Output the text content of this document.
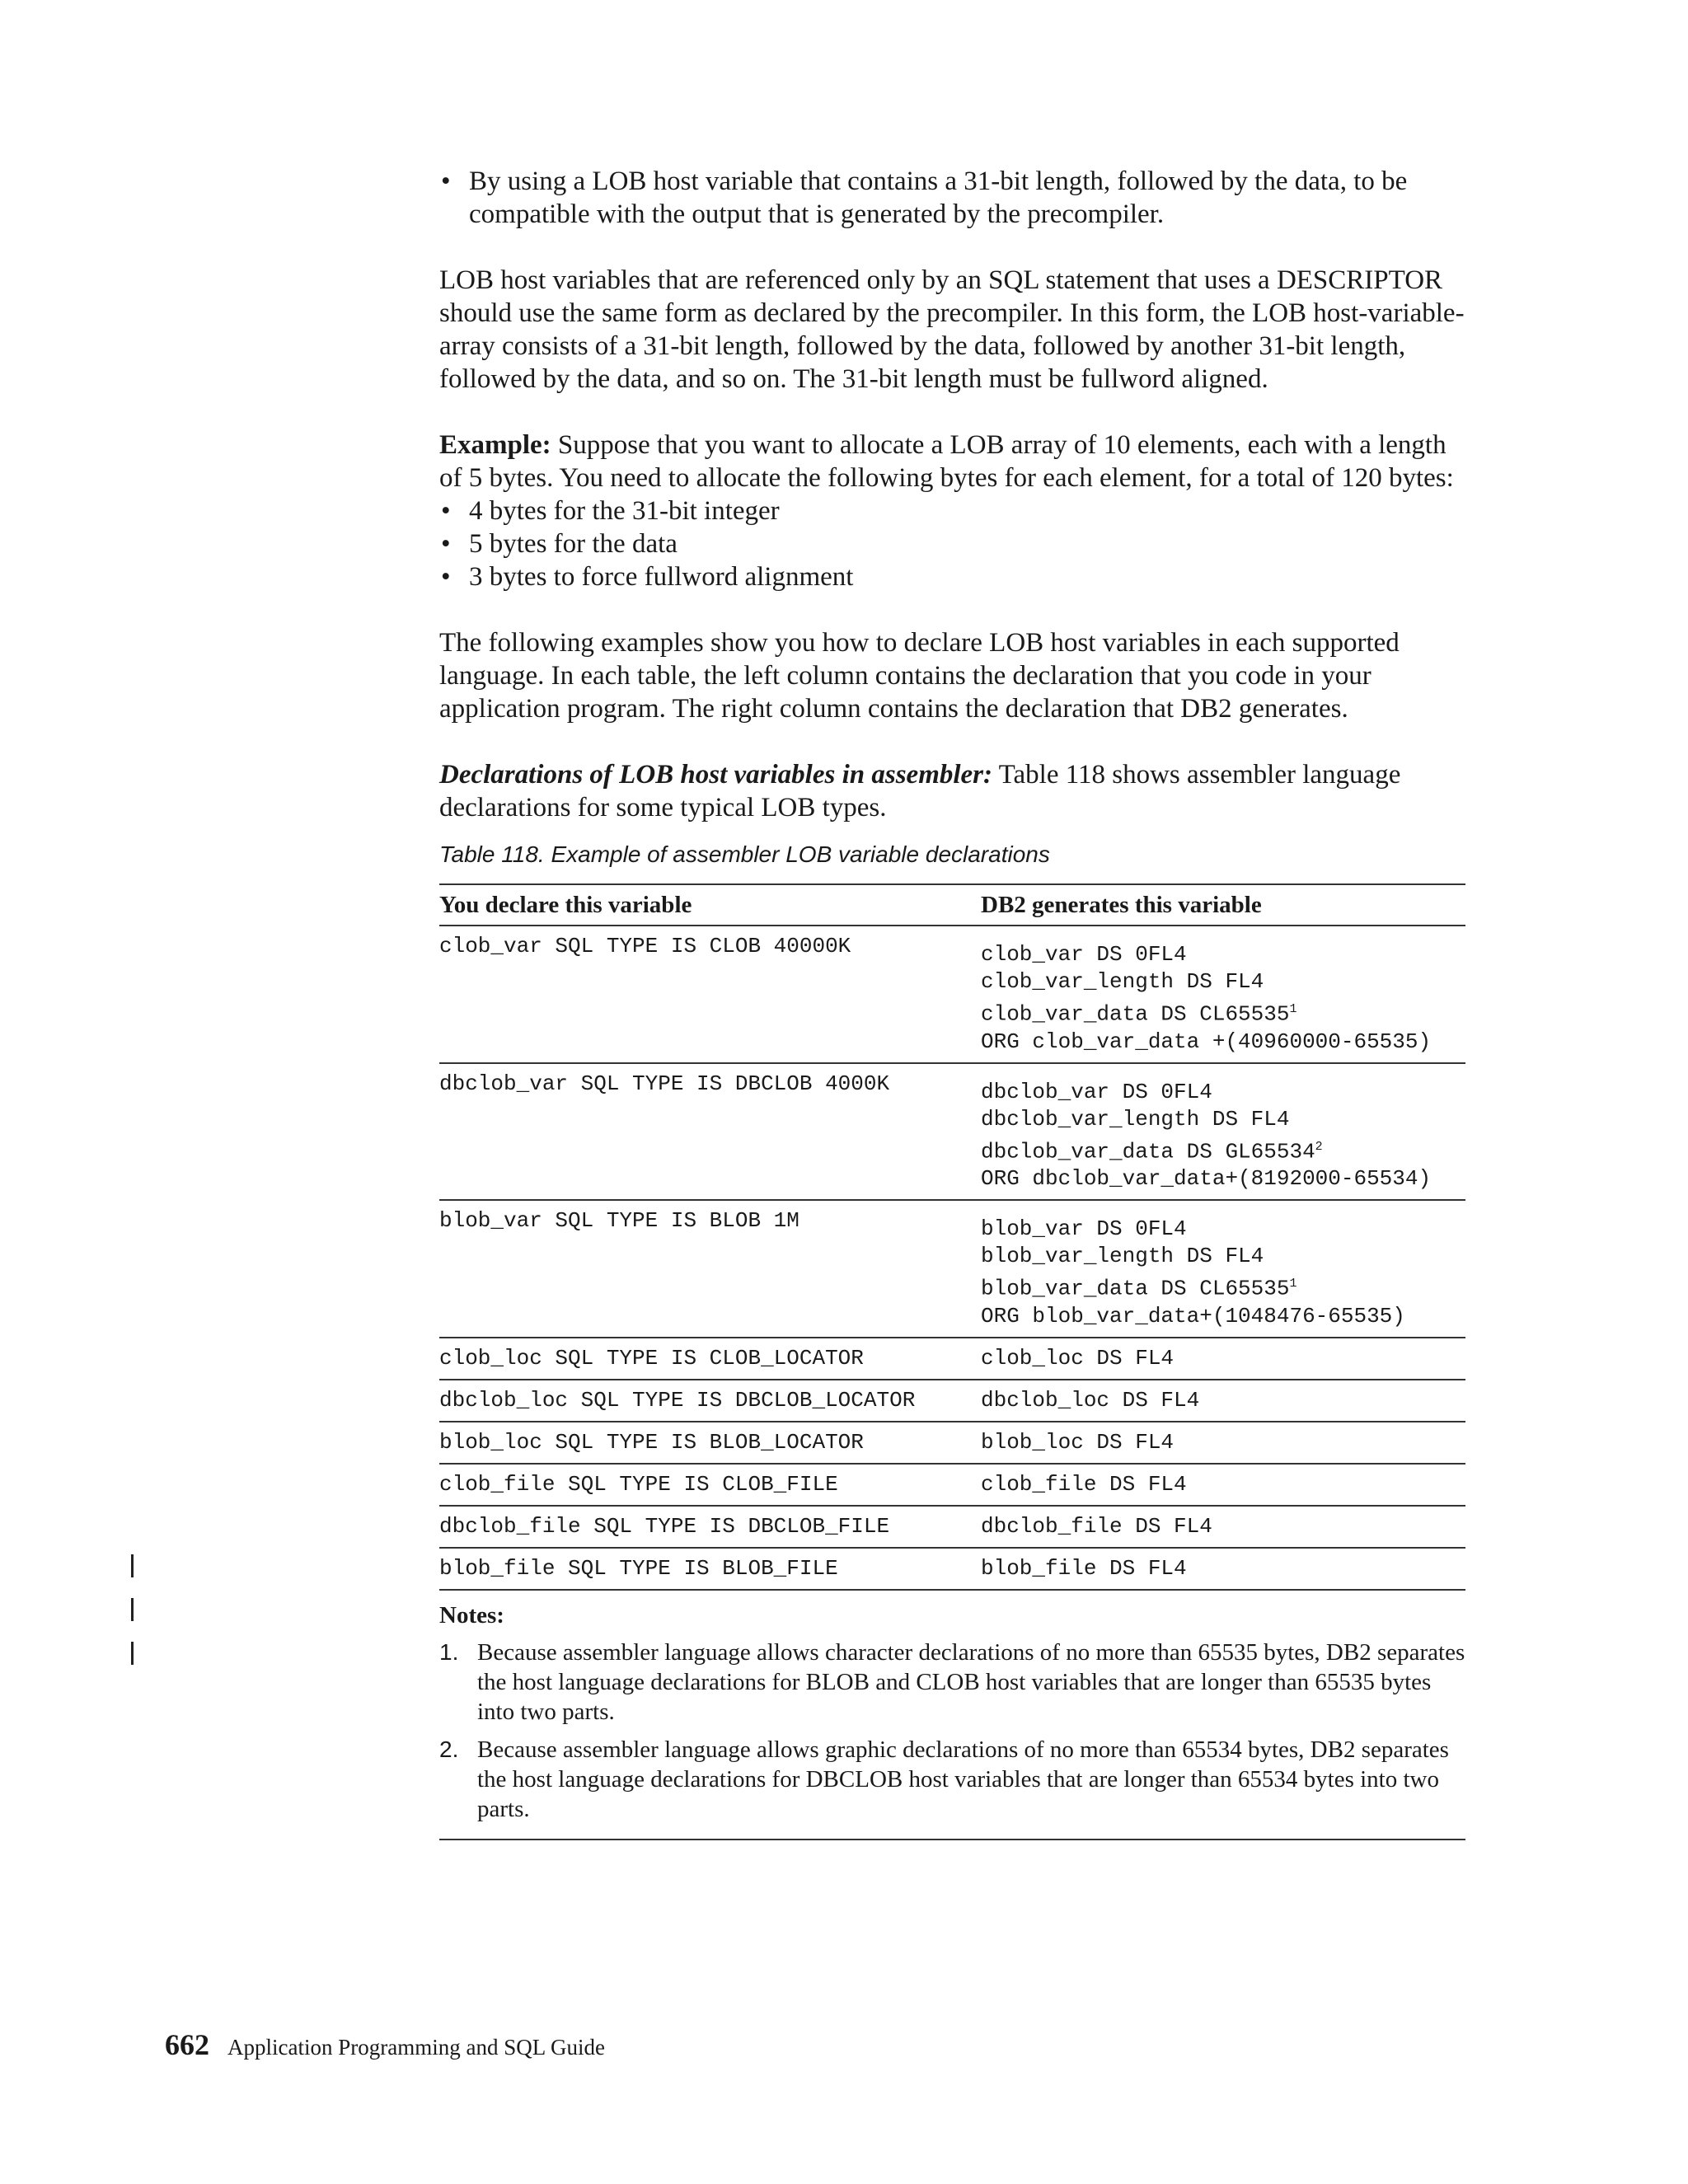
• By using a LOB host variable that contains a 31-bit length, followed by the data, to be compatible with the output that is generated by the precompiler.

LOB host variables that are referenced only by an SQL statement that uses a DESCRIPTOR should use the same form as declared by the precompiler. In this form, the LOB host-variable-array consists of a 31-bit length, followed by the data, followed by another 31-bit length, followed by the data, and so on. The 31-bit length must be fullword aligned.

Example: Suppose that you want to allocate a LOB array of 10 elements, each with a length of 5 bytes. You need to allocate the following bytes for each element, for a total of 120 bytes:

• 4 bytes for the 31-bit integer
• 5 bytes for the data
• 3 bytes to force fullword alignment

The following examples show you how to declare LOB host variables in each supported language. In each table, the left column contains the declaration that you code in your application program. The right column contains the declaration that DB2 generates.

Declarations of LOB host variables in assembler: Table 118 shows assembler language declarations for some typical LOB types.

Table 118. Example of assembler LOB variable declarations
You declare this variable	DB2 generates this variable
clob_var SQL TYPE IS CLOB 40000K	clob_var DS 0FL4
clob_var_length DS FL4
clob_var_data DS CL65535$^1$
ORG clob_var_data +(40960000-65535)

dbclob_var SQL TYPE IS DBCLOB 4000K	dbclob_var DS 0FL4
dbclob_var_length DS FL4
dbclob_var_data DS GL65534$^2$
ORG dbclob_var_data+(8192000-65534)

blob_var SQL TYPE IS BLOB 1M	blob_var DS 0FL4
blob_var_length DS FL4
blob_var_data DS CL65535$^1$
ORG blob_var_data+(1048476-65535)

clob_loc SQL TYPE IS CLOB_LOCATOR	clob_loc DS FL4

dbclob_loc SQL TYPE IS DBCLOB_LOCATOR	dbclob_loc DS FL4

blob_loc SQL TYPE IS BLOB_LOCATOR	blob_loc DS FL4

clob_file SQL TYPE IS CLOB_FILE	clob_file DS FL4

dbclob_file SQL TYPE IS DBCLOB_FILE	dbclob_file DS FL4

blob_file SQL TYPE IS BLOB_FILE	blob_file DS FL4
Notes:
1. Because assembler language allows character declarations of no more than 65535 bytes, DB2 separates the host language declarations for BLOB and CLOB host variables that are longer than 65535 bytes into two parts.
2. Because assembler language allows graphic declarations of no more than 65534 bytes, DB2 separates the host language declarations for DBCLOB host variables that are longer than 65534 bytes into two parts.
662 Application Programming and SQL Guide
